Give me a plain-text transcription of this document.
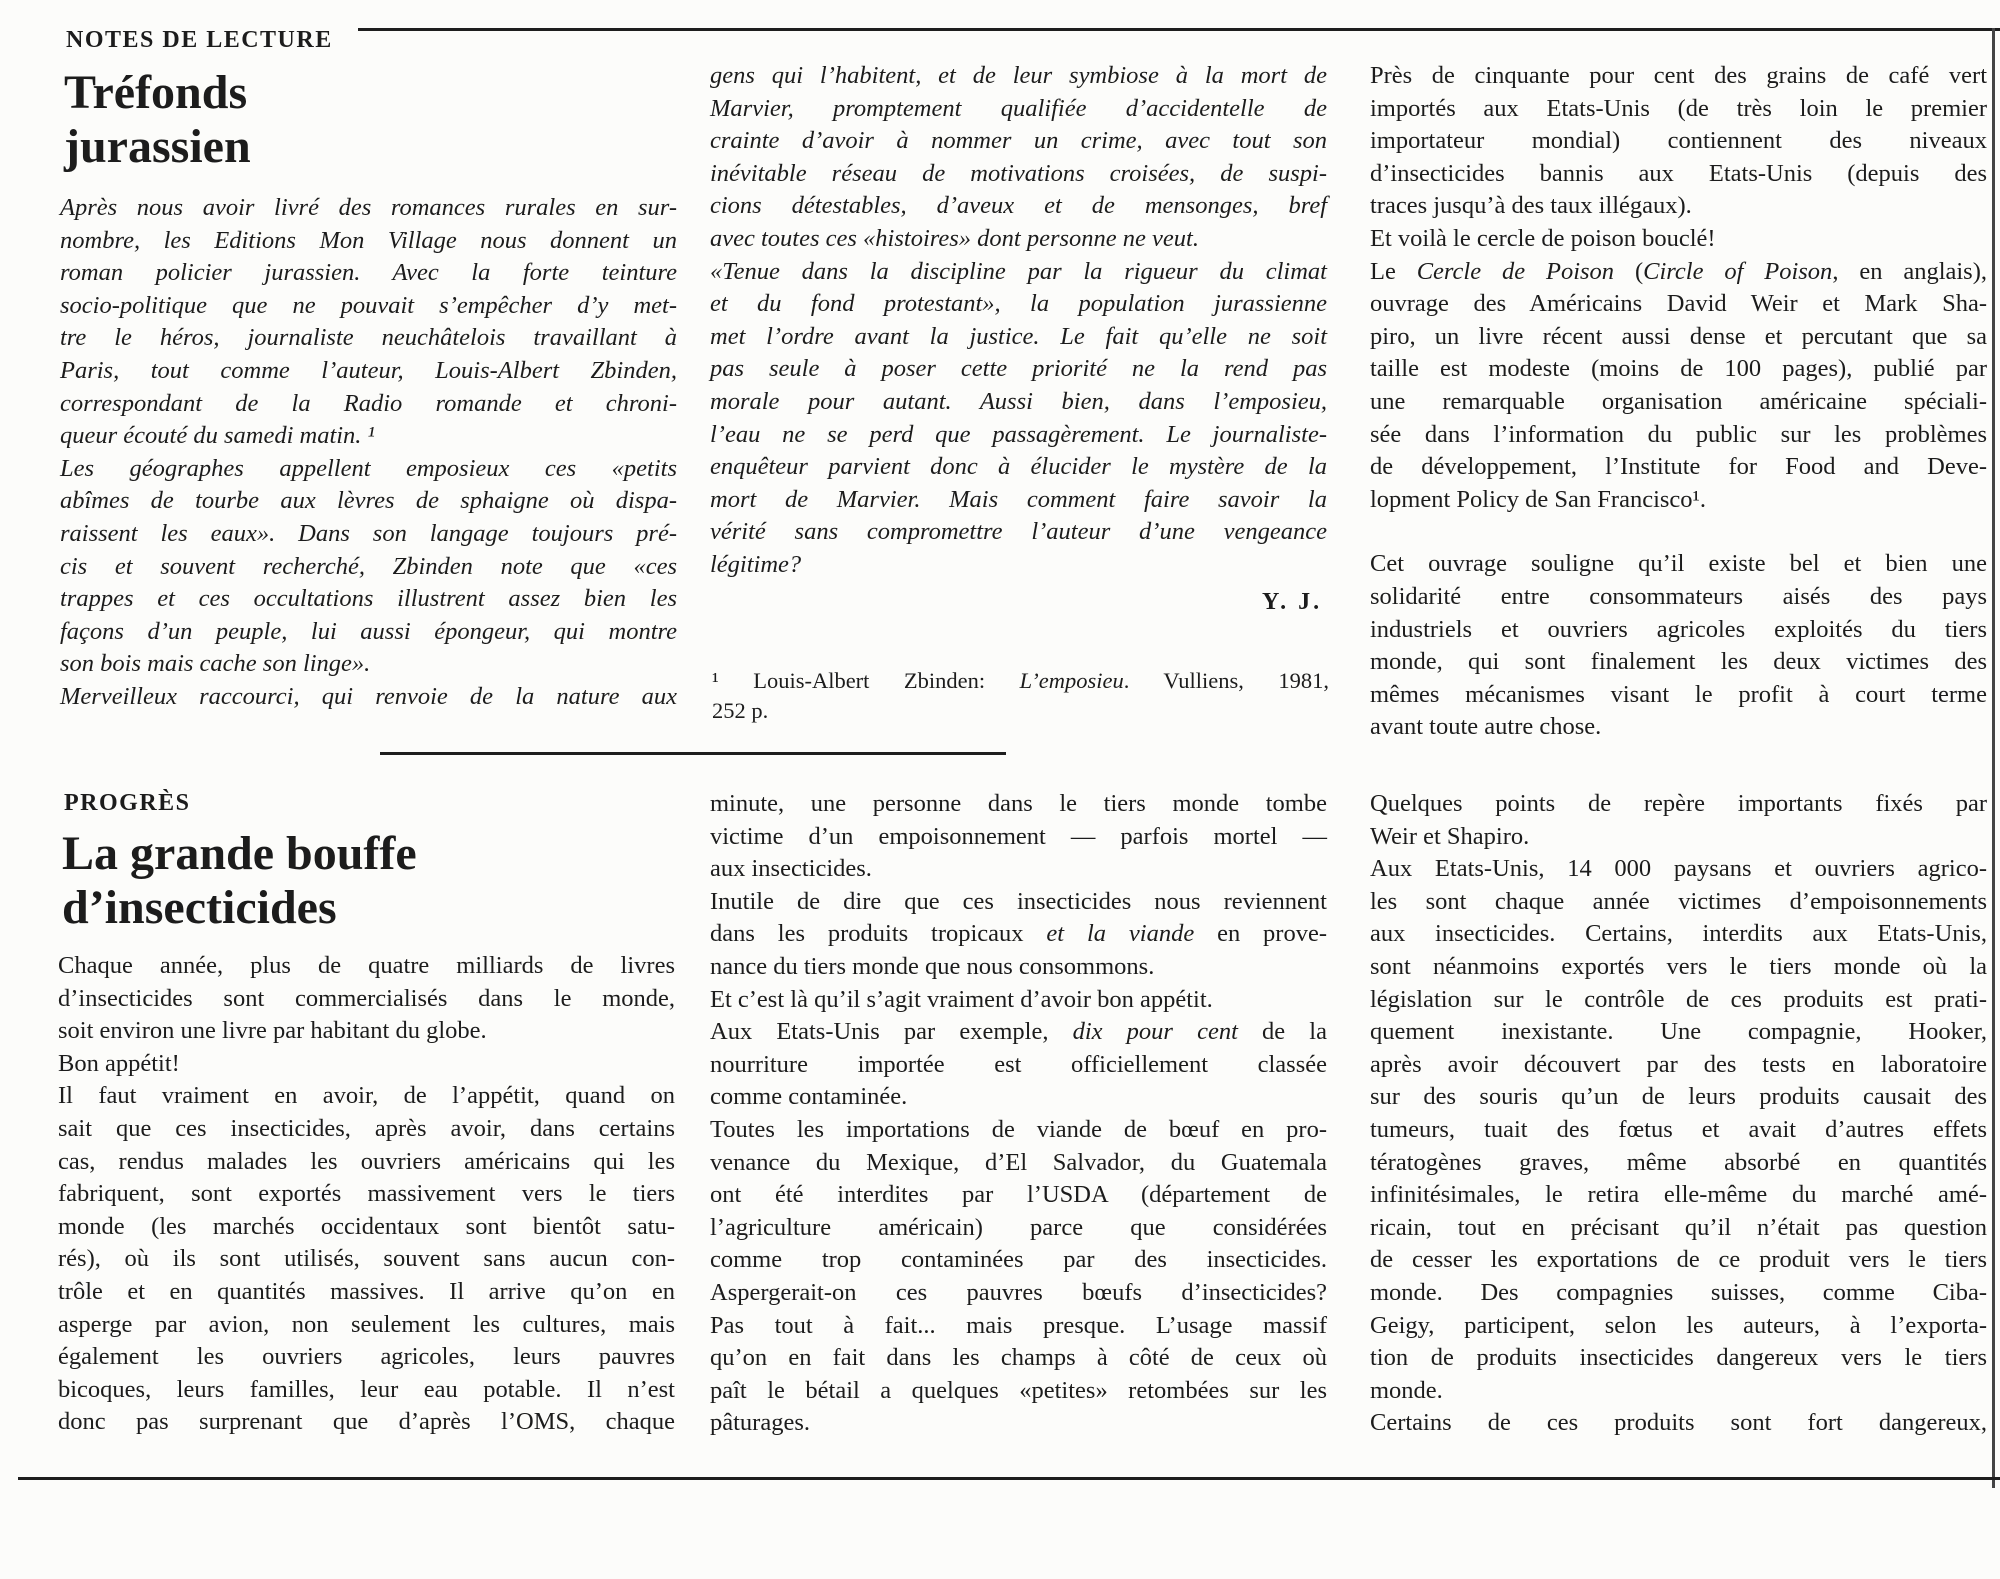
NOTES DE LECTURE
Tréfonds
jurassien

Après nous avoir livré des romances rurales en sur-

nombre, les Editions Mon Village nous donnent un

roman policier jurassien. Avec la forte teinture

socio-politique que ne pouvait s’empêcher d’y met-

tre le héros, journaliste neuchâtelois travaillant à

Paris, tout comme l’auteur, Louis-Albert Zbinden,

correspondant de la Radio romande et chroni-

queur écouté du samedi matin. ¹

Les géographes appellent emposieux ces «petits

abîmes de tourbe aux lèvres de sphaigne où dispa-

raissent les eaux». Dans son langage toujours pré-

cis et souvent recherché, Zbinden note que «ces

trappes et ces occultations illustrent assez bien les

façons d’un peuple, lui aussi épongeur, qui montre

son bois mais cache son linge».

Merveilleux raccourci, qui renvoie de la nature aux

gens qui l’habitent, et de leur symbiose à la mort de

Marvier, promptement qualifiée d’accidentelle de

crainte d’avoir à nommer un crime, avec tout son

inévitable réseau de motivations croisées, de suspi-

cions détestables, d’aveux et de mensonges, bref

avec toutes ces «histoires» dont personne ne veut.

«Tenue dans la discipline par la rigueur du climat

et du fond protestant», la population jurassienne

met l’ordre avant la justice. Le fait qu’elle ne soit

pas seule à poser cette priorité ne la rend pas

morale pour autant. Aussi bien, dans l’emposieu,

l’eau ne se perd que passagèrement. Le journaliste-

enquêteur parvient donc à élucider le mystère de la

mort de Marvier. Mais comment faire savoir la

vérité sans compromettre l’auteur d’une vengeance

légitime?

Y. J.

¹ Louis-Albert Zbinden: L’emposieu. Vulliens, 1981,

252 p.

Près de cinquante pour cent des grains de café vert

importés aux Etats-Unis (de très loin le premier

importateur mondial) contiennent des niveaux

d’insecticides bannis aux Etats-Unis (depuis des

traces jusqu’à des taux illégaux).

Et voilà le cercle de poison bouclé!

Le Cercle de Poison (Circle of Poison, en anglais),

ouvrage des Américains David Weir et Mark Sha-

piro, un livre récent aussi dense et percutant que sa

taille est modeste (moins de 100 pages), publié par

une remarquable organisation américaine spéciali-

sée dans l’information du public sur les problèmes

de développement, l’Institute for Food and Deve-

lopment Policy de San Francisco¹.

Cet ouvrage souligne qu’il existe bel et bien une

solidarité entre consommateurs aisés des pays

industriels et ouvriers agricoles exploités du tiers

monde, qui sont finalement les deux victimes des

mêmes mécanismes visant le profit à court terme

avant toute autre chose.

PROGRÈS
La grande bouffe
d’insecticides

Chaque année, plus de quatre milliards de livres

d’insecticides sont commercialisés dans le monde,

soit environ une livre par habitant du globe.

Bon appétit!

Il faut vraiment en avoir, de l’appétit, quand on

sait que ces insecticides, après avoir, dans certains

cas, rendus malades les ouvriers américains qui les

fabriquent, sont exportés massivement vers le tiers

monde (les marchés occidentaux sont bientôt satu-

rés), où ils sont utilisés, souvent sans aucun con-

trôle et en quantités massives. Il arrive qu’on en

asperge par avion, non seulement les cultures, mais

également les ouvriers agricoles, leurs pauvres

bicoques, leurs familles, leur eau potable. Il n’est

donc pas surprenant que d’après l’OMS, chaque

minute, une personne dans le tiers monde tombe

victime d’un empoisonnement — parfois mortel —

aux insecticides.

Inutile de dire que ces insecticides nous reviennent

dans les produits tropicaux et la viande en prove-

nance du tiers monde que nous consommons.

Et c’est là qu’il s’agit vraiment d’avoir bon appétit.

Aux Etats-Unis par exemple, dix pour cent de la

nourriture importée est officiellement classée

comme contaminée.

Toutes les importations de viande de bœuf en pro-

venance du Mexique, d’El Salvador, du Guatemala

ont été interdites par l’USDA (département de

l’agriculture américain) parce que considérées

comme trop contaminées par des insecticides.

Aspergerait-on ces pauvres bœufs d’insecticides?

Pas tout à fait... mais presque. L’usage massif

qu’on en fait dans les champs à côté de ceux où

paît le bétail a quelques «petites» retombées sur les

pâturages.

Quelques points de repère importants fixés par

Weir et Shapiro.

Aux Etats-Unis, 14 000 paysans et ouvriers agrico-

les sont chaque année victimes d’empoisonnements

aux insecticides. Certains, interdits aux Etats-Unis,

sont néanmoins exportés vers le tiers monde où la

législation sur le contrôle de ces produits est prati-

quement inexistante. Une compagnie, Hooker,

après avoir découvert par des tests en laboratoire

sur des souris qu’un de leurs produits causait des

tumeurs, tuait des fœtus et avait d’autres effets

tératogènes graves, même absorbé en quantités

infinitésimales, le retira elle-même du marché amé-

ricain, tout en précisant qu’il n’était pas question

de cesser les exportations de ce produit vers le tiers

monde. Des compagnies suisses, comme Ciba-

Geigy, participent, selon les auteurs, à l’exporta-

tion de produits insecticides dangereux vers le tiers

monde.

Certains de ces produits sont fort dangereux,
